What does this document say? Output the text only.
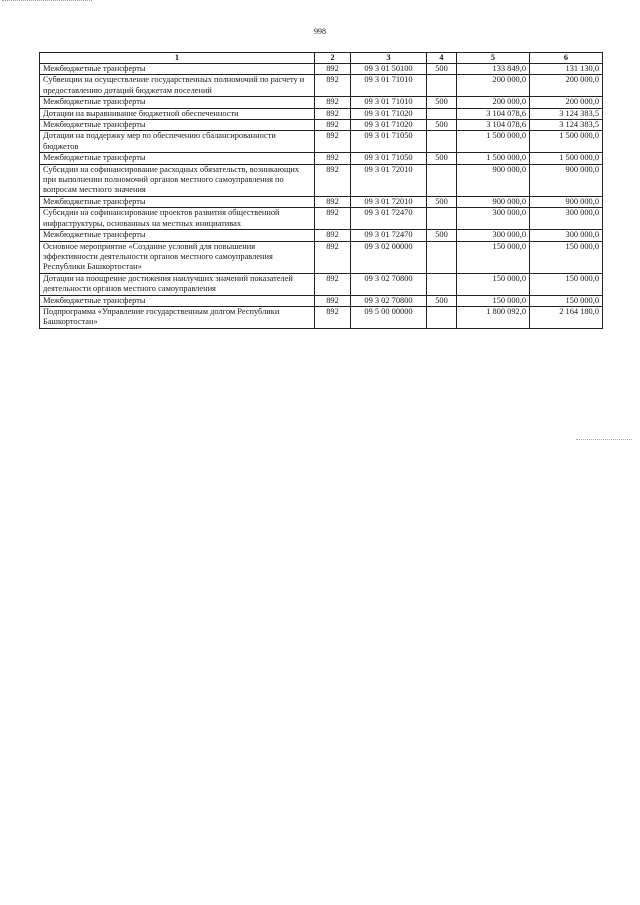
998
1	2	3	4	5	6
Межбюджетные трансферты	892	09 3 01 50100	500	133 849,0	131 130,0
Субвенции на осуществление государственных полномочий по расчету и предоставлению дотаций бюджетам поселений	892	09 3 01 71010		200 000,0	200 000,0
Межбюджетные трансферты	892	09 3 01 71010	500	200 000,0	200 000,0
Дотации на выравнивание бюджетной обеспеченности	892	09 3 01 71020		3 104 078,6	3 124 383,5
Межбюджетные трансферты	892	09 3 01 71020	500	3 104 078,6	3 124 383,5
Дотации на поддержку мер по обеспечению сбалансированности бюджетов	892	09 3 01 71050		1 500 000,0	1 500 000,0
Межбюджетные трансферты	892	09 3 01 71050	500	1 500 000,0	1 500 000,0
Субсидии на софинансирование расходных обязательств, возникающих при выполнении полномочий органов местного самоуправления по вопросам местного значения	892	09 3 01 72010		900 000,0	900 000,0
Межбюджетные трансферты	892	09 3 01 72010	500	900 000,0	900 000,0
Субсидии на софинансирование проектов развития общественной инфраструктуры, основанных на местных инициативах	892	09 3 01 72470		300 000,0	300 000,0
Межбюджетные трансферты	892	09 3 01 72470	500	300 000,0	300 000,0
Основное мероприятие «Создание условий для повышения эффективности деятельности органов местного самоуправления Республики Башкортостан»	892	09 3 02 00000		150 000,0	150 000,0
Дотации на поощрение достижения наилучших значений показателей деятельности органов местного самоуправления	892	09 3 02 70800		150 000,0	150 000,0
Межбюджетные трансферты	892	09 3 02 70800	500	150 000,0	150 000,0
Подпрограмма «Управление государственным долгом Республики Башкортостан»	892	09 5 00 00000		1 800 092,0	2 164 180,0
